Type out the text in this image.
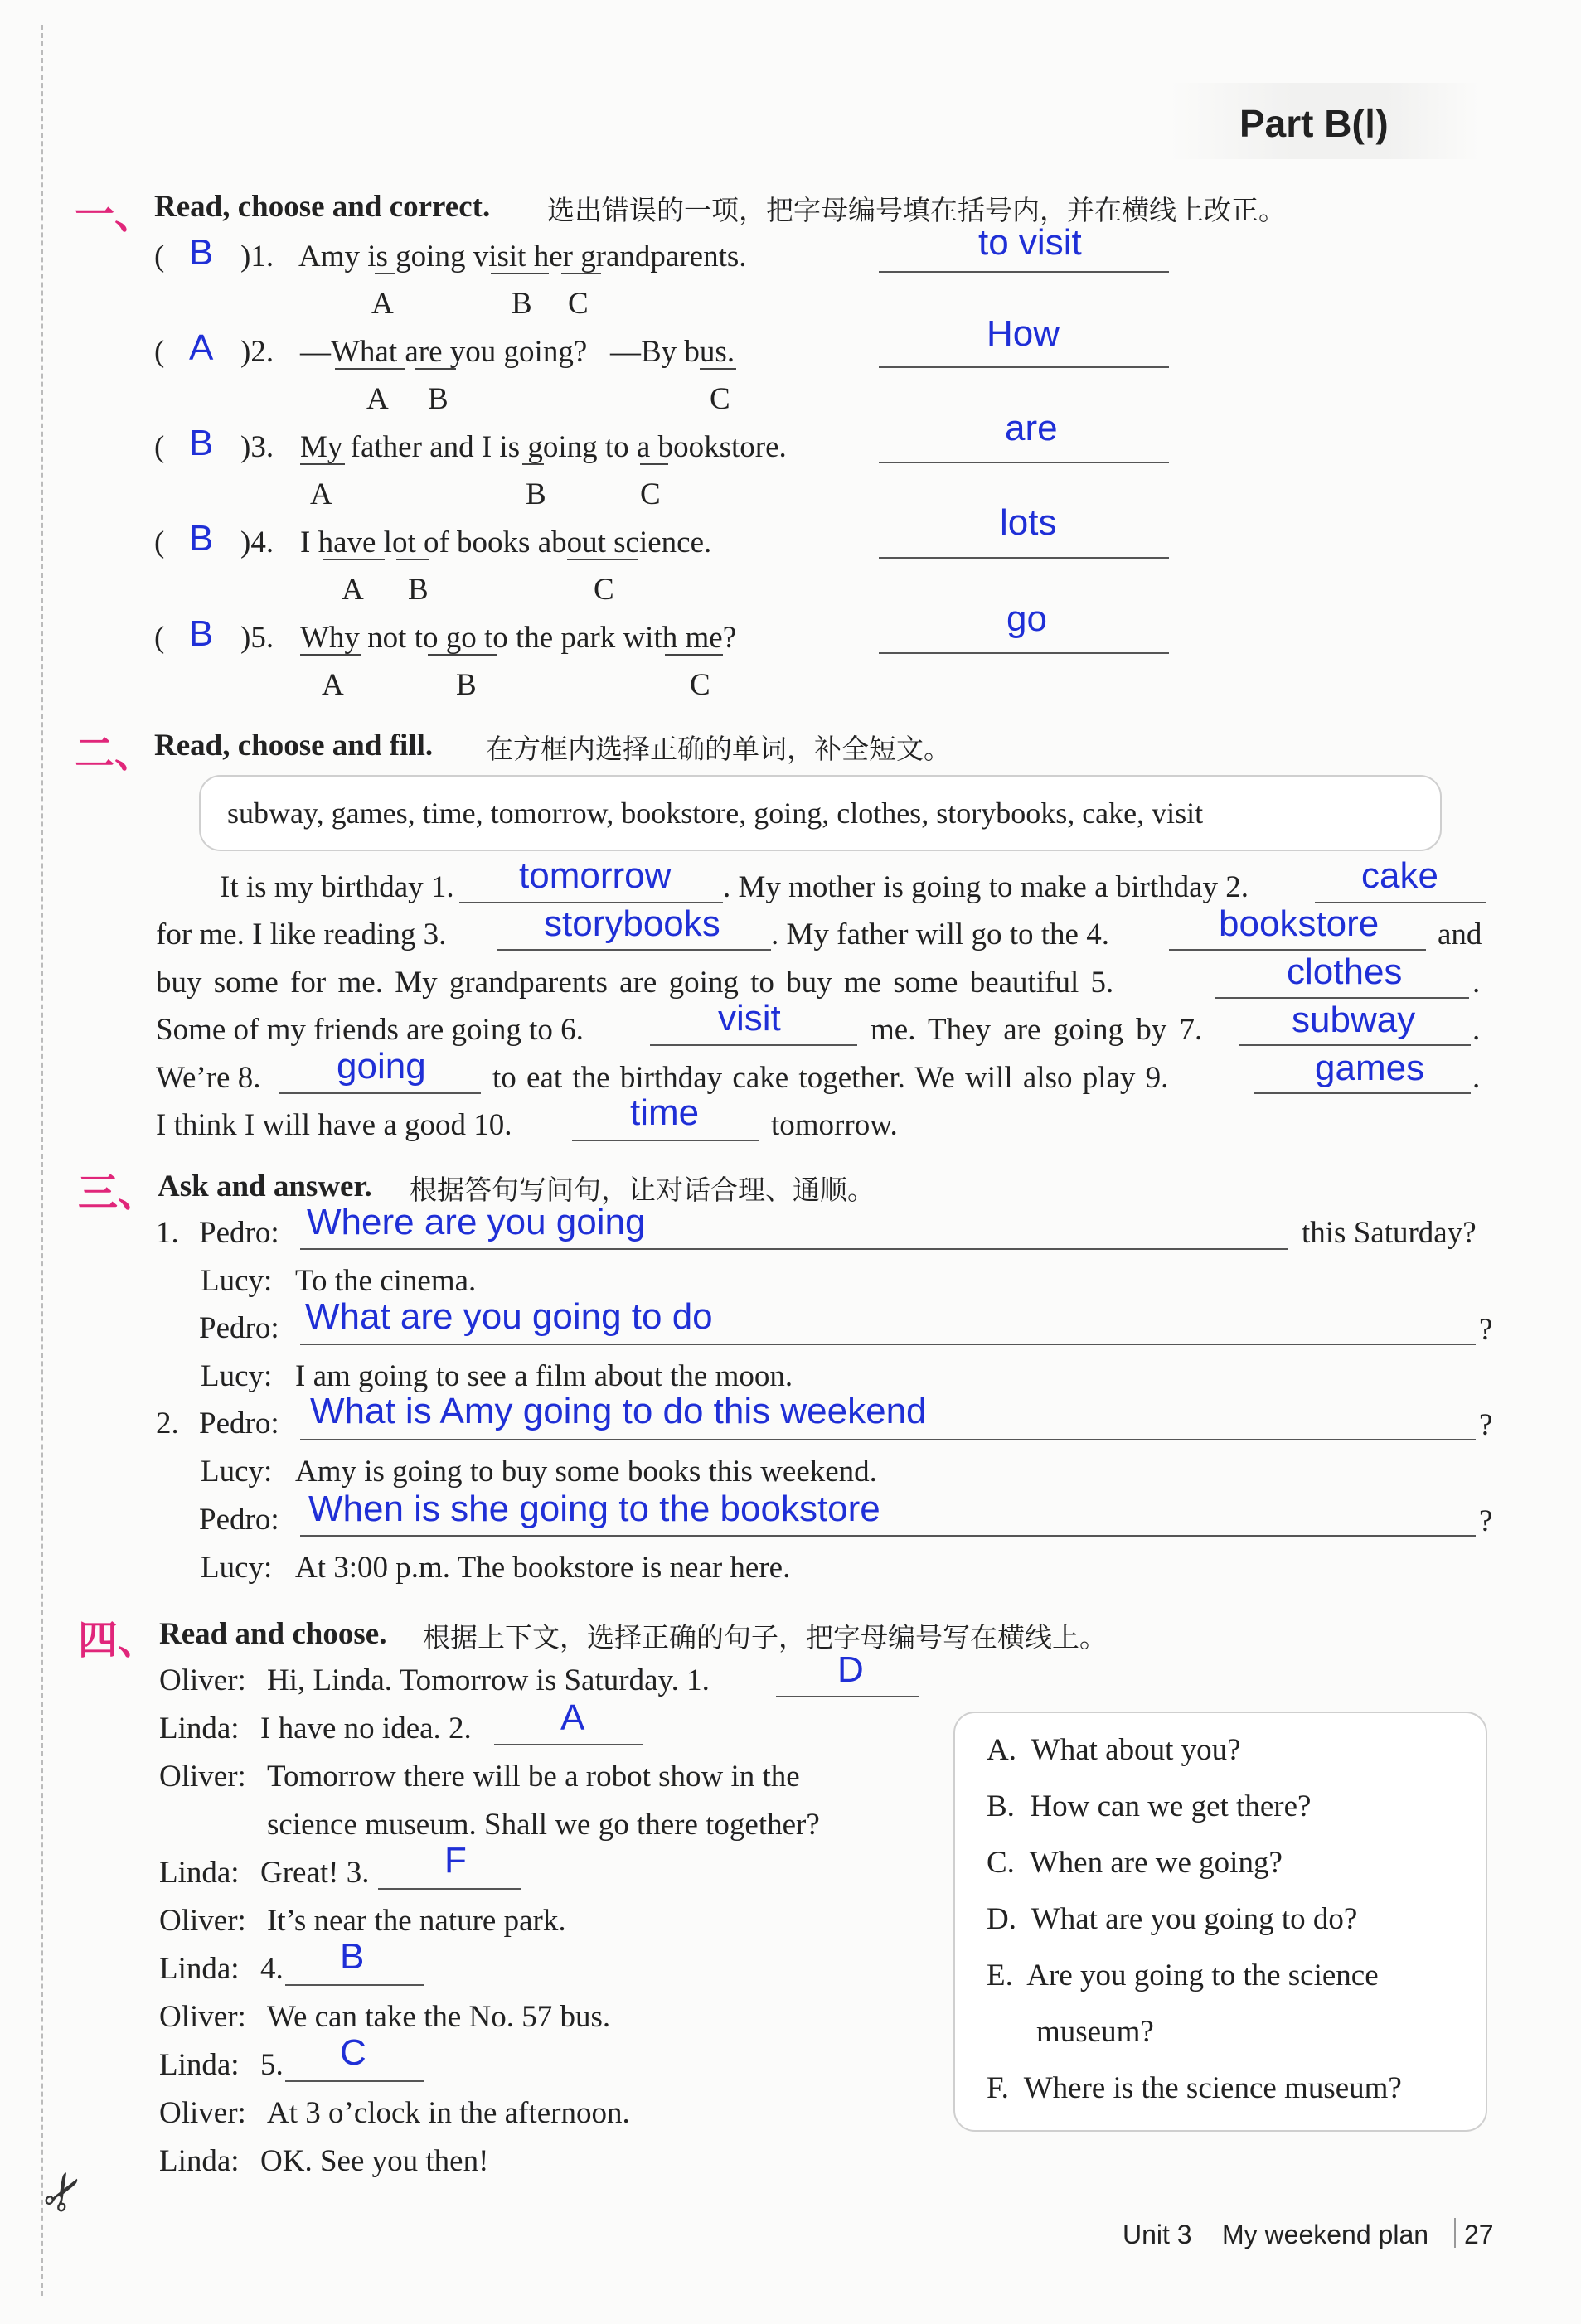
✂
Part B(Ⅰ)
一、 Read, choose and correct. 选出错误的一项，把字母编号填在括号内，并在横线上改正。
( B )1. Amy is going visit her grandparents.
A	B C
to visit
( A )2. —What are you going?   —By bus.
A B	C
How
( B )3. My father and I is going to a bookstore.
A	B	C
are
( B )4. I have lot of books about science.
A B	C
lots
( B )5. Why not to go to the park with me?
A	B	C
go
二、 Read, choose and fill. 在方框内选择正确的单词，补全短文。
subway, games, time, tomorrow, bookstore, going, clothes, storybooks, cake, visit
It is my birthday 1. tomorrow . My mother is going to make a birthday 2.	cake
for me. I like reading 3.	storybooks . My father will go to the 4.	bookstore and
buy some for me. My grandparents are going to buy me some beautiful 5.	clothes .
Some of my friends are going to 6.	visit	me. They are going by 7. subway .
We’re 8. going to eat the birthday cake together. We will also play 9.	games .
I think I will have a good 10.	time tomorrow.
三、 Ask and answer. 根据答句写问句，让对话合理、通顺。
1. Pedro: Where are you going	this Saturday?
Lucy: To the cinema.
Pedro: What are you going to do	?
Lucy: I am going to see a film about the moon.
2. Pedro: What is Amy going to do this weekend	?
Lucy: Amy is going to buy some books this weekend.
Pedro: When is she going to the bookstore	?
Lucy: At 3:00 p.m. The bookstore is near here.
四、 Read and choose. 根据上下文，选择正确的句子，把字母编号写在横线上。
Oliver: Hi, Linda. Tomorrow is Saturday. 1.	D
Linda: I have no idea. 2. A
Oliver: Tomorrow there will be a robot show in the
science museum. Shall we go there together?
Linda: Great! 3. F
Oliver: It’s near the nature park.
Linda: 4. B
Oliver: We can take the No. 57 bus.
Linda: 5. C
Oliver: At 3 o’clock in the afternoon.
Linda: OK. See you then!
A.  What about you?
B.  How can we get there?
C.  When are we going?
D.  What are you going to do?
E.  Are you going to the science
museum?
F.  Where is the science museum?
Unit 3 My weekend plan 27
